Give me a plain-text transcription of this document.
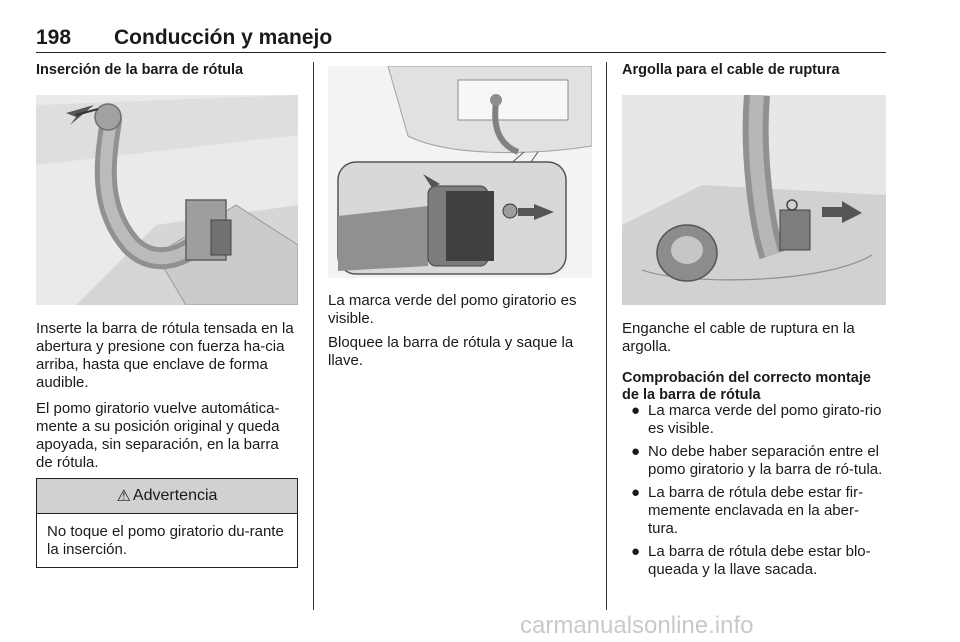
198 Conducción y manejo
Inserción de la barra de rótula

Inserte la barra de rótula tensada en la abertura y presione con fuerza ha-cia arriba, hasta que enclave de forma audible.

El pomo giratorio vuelve automática-mente a su posición original y queda apoyada, sin separación, en la barra de rótula.

⚠ Advertencia
No toque el pomo giratorio du-rante la inserción.

La marca verde del pomo giratorio es visible.

Bloquee la barra de rótula y saque la llave.

Argolla para el cable de ruptura

Enganche el cable de ruptura en la argolla.

Comprobación del correcto montaje de la barra de rótula
● La marca verde del pomo girato-rio es visible.
● No debe haber separación entre el pomo giratorio y la barra de ró-tula.
● La barra de rótula debe estar fir-memente enclavada en la aber-tura.
● La barra de rótula debe estar blo-queada y la llave sacada.
carmanualsonline.info
